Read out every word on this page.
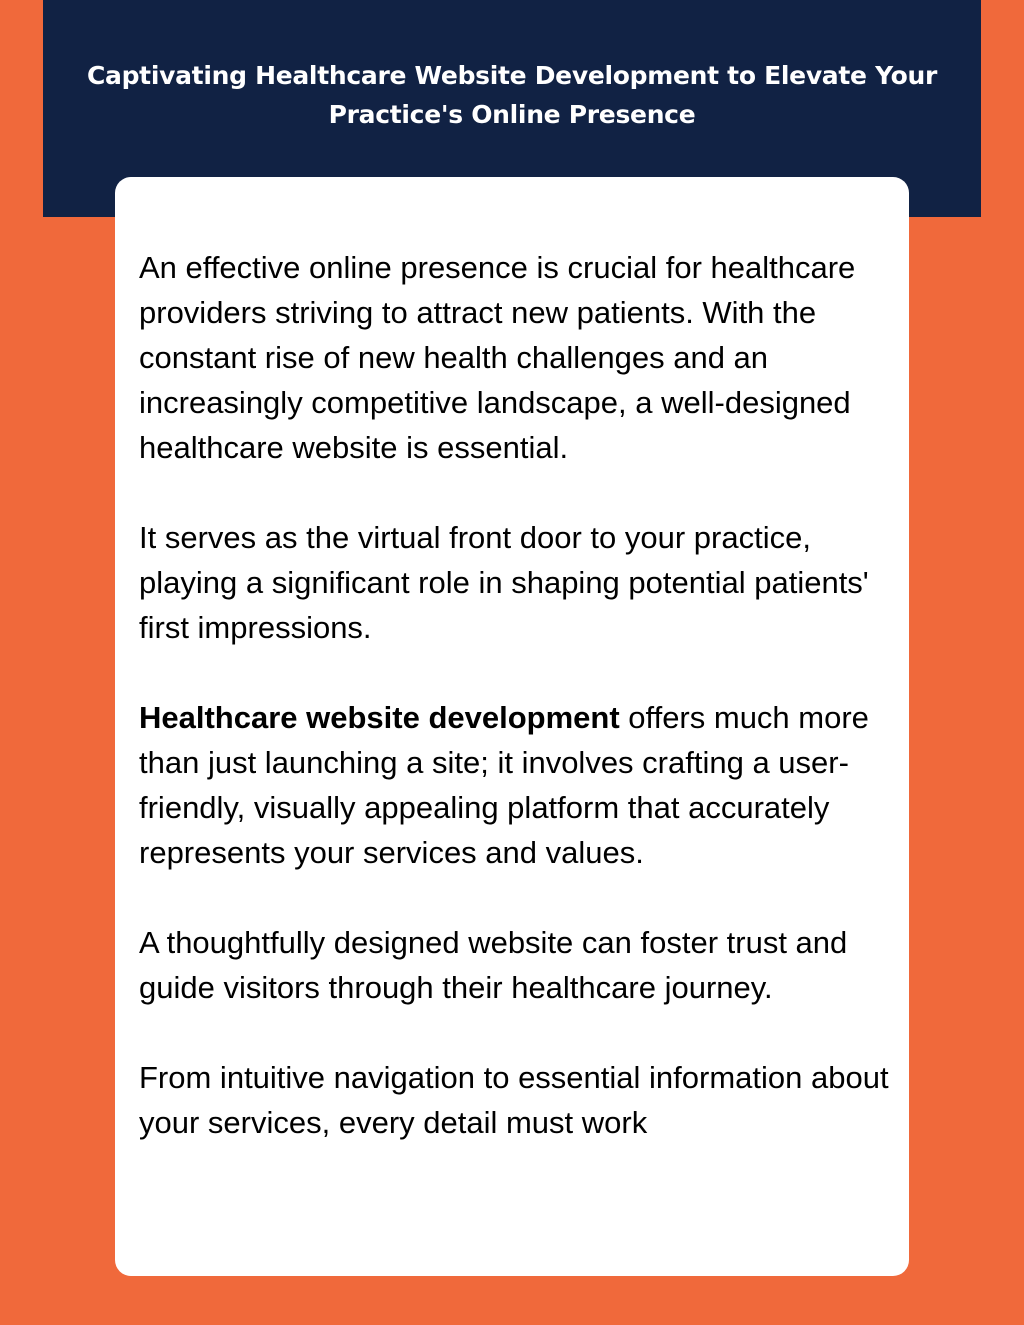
Captivating Healthcare Website Development to Elevate Your Practice's Online Presence

An effective online presence is crucial for healthcare providers striving to attract new patients. With the constant rise of new health challenges and an increasingly competitive landscape, a well-designed healthcare website is essential.

It serves as the virtual front door to your practice, playing a significant role in shaping potential patients' first impressions.

Healthcare website development offers much more than just launching a site; it involves crafting a user-friendly, visually appealing platform that accurately represents your services and values.

A thoughtfully designed website can foster trust and guide visitors through their healthcare journey.

From intuitive navigation to essential information about your services, every detail must work
